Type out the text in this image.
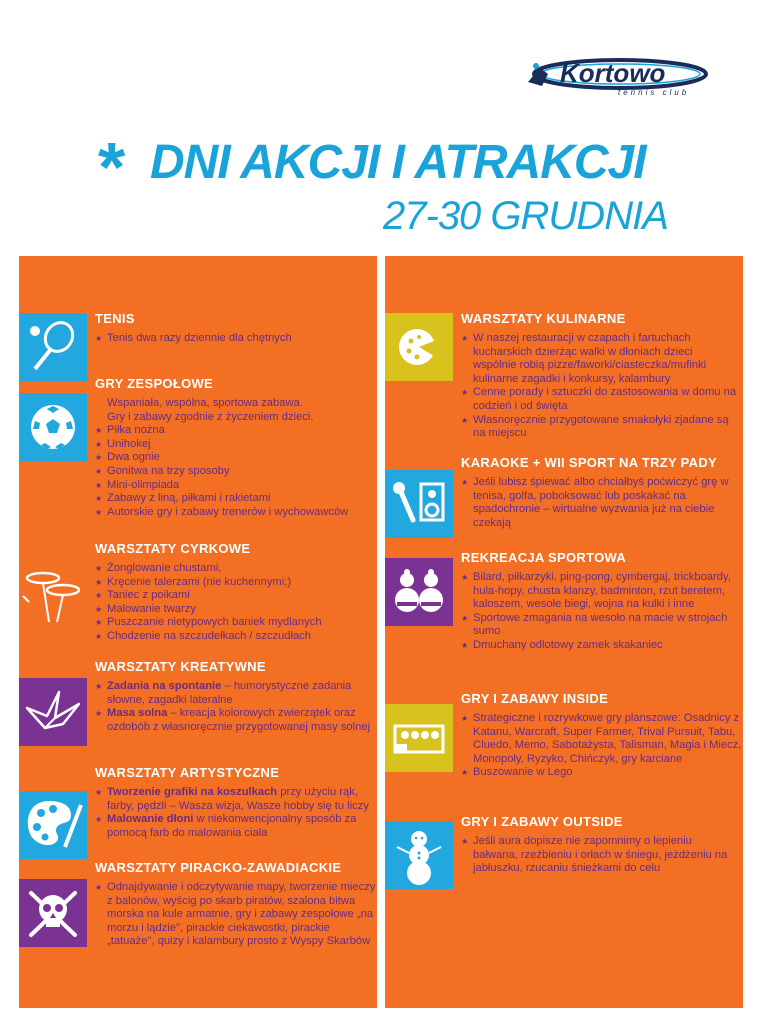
Kortowo
tennis club
* DNI AKCJI I ATRAKCJI
27-30 GRUDNIA
TENIS
★ Tenis dwa razy dziennie dla chętnych
GRY ZESPOŁOWE
Wspaniała, wspólna, sportowa zabawa.
Gry i zabawy zgodnie z życzeniem dzieci.
★ Piłka nożna
★ Unihokej
★ Dwa ognie
★ Gonitwa na trzy sposoby
★ Mini-olimpiada
★ Zabawy z liną, piłkami i rakietami
★ Autorskie gry i zabawy trenerów i wychowawców
WARSZTATY CYRKOWE
★ Żonglowanie chustami,
★ Kręcenie talerzami (nie kuchennymi;)
★ Taniec z poikami
★ Malowanie twarzy
★ Puszczanie nietypowych baniek mydlanych
★ Chodzenie na szczudełkach / szczudłach
WARSZTATY KREATYWNE
★ Zadania na spontanie – humorystyczne zadania słowne, zagadki lateralne
★ Masa solna – kreacja kolorowych zwierzątek oraz ozdobób z własnoręcznie przygotowanej masy solnej
WARSZTATY ARTYSTYCZNE
★ Tworzenie grafiki na koszulkach przy użyciu rąk, farby, pędzli – Wasza wizja, Wasze hobby się tu liczy
★ Malowanie dłoni w niekonwencjonalny sposób za pomocą farb do malowania ciała
WARSZTATY PIRACKO-ZAWADIACKIE
★ Odnajdywanie i odczytywanie mapy, tworzenie mieczy z balonów, wyścig po skarb piratów, szalona bitwa morska na kule armatnie, gry i zabawy zespołowe „na morzu i lądzie", pirackie ciekawostki, pirackie „tatuaże", quizy i kalambury prosto z Wyspy Skarbów
WARSZTATY KULINARNE
★ W naszej restauracji w czapach i fartuchach kucharskich dzierżąc walki w dłoniach dzieci wspólnie robią pizze/faworki/ciasteczka/mufinki kulinarne zagadki i konkursy, kalambury
★ Cenne porady i sztuczki do zastosowania w domu na codzień i od święta
★ Własnoręcznie przygotowane smakołyki zjadane są na miejscu
KARAOKE + WII SPORT NA TRZY PADY
★ Jeśli lubisz śpiewać albo chciałbyś poćwiczyć grę w tenisa, golfa, poboksować lub poskakać na spadochronie – wirtualne wyzwania już na ciebie czekają
REKREACJA SPORTOWA
★ Bilard, piłkarzyki, ping-pong, cymbergaj, trickboardy, hula-hopy, chusta klanzy, badminton, rzut beretem, kaloszem, wesołe biegi, wojna na kulki i inne
★ Sportowe zmagania na wesoło na macie w strojach sumo
★ Dmuchany odlotowy zamek skakaniec
GRY I ZABAWY INSIDE
★ Strategiczne i rozrywkowe gry planszowe: Osadnicy z Katanu, Warcraft, Super Farmer, Trival Pursuit, Tabu, Cluedo, Memo, Sabotażysta, Talisman, Magia i Miecz, Monopoly, Ryzyko, Chińczyk, gry karciane
★ Buszowanie w Lego
GRY I ZABAWY OUTSIDE
★ Jeśli aura dopisze nie zapomnimy o lepieniu bałwana, rzeźbieniu i orłach w śniegu, jeżdżeniu na jabłuszku, rzucaniu śnieżkami do celu
